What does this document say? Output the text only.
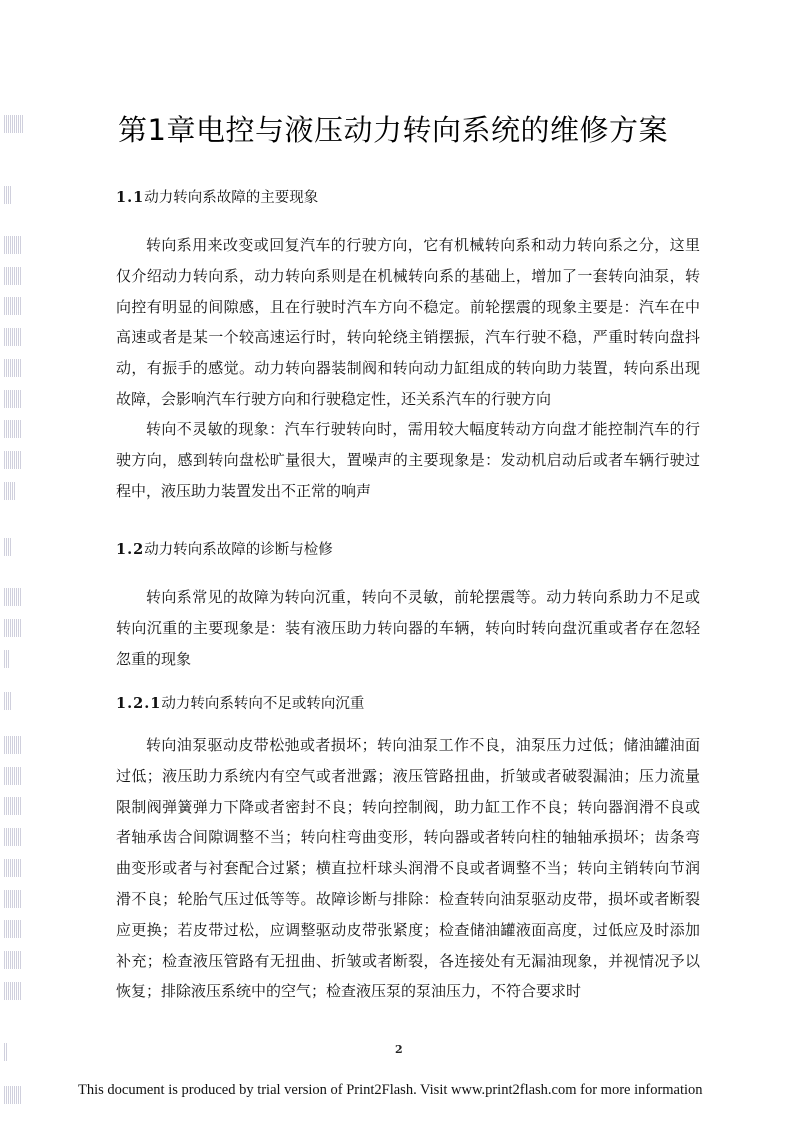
第1章电控与液压动力转向系统的维修方案
1.1动力转向系故障的主要现象

转向系用来改变或回复汽车的行驶方向，它有机械转向系和动力转向系之分，这里仅介绍动力转向系，动力转向系则是在机械转向系的基础上，增加了一套转向油泵，转向控有明显的间隙感，且在行驶时汽车方向不稳定。前轮摆震的现象主要是：汽车在中高速或者是某一个较高速运行时，转向轮绕主销摆振，汽车行驶不稳，严重时转向盘抖动，有振手的感觉。动力转向器装制阀和转向动力缸组成的转向助力装置，转向系出现故障，会影响汽车行驶方向和行驶稳定性，还关系汽车的行驶方向

转向不灵敏的现象：汽车行驶转向时，需用较大幅度转动方向盘才能控制汽车的行驶方向，感到转向盘松旷量很大，置噪声的主要现象是：发动机启动后或者车辆行驶过程中，液压助力装置发出不正常的响声

1.2动力转向系故障的诊断与检修

转向系常见的故障为转向沉重，转向不灵敏，前轮摆震等。动力转向系助力不足或转向沉重的主要现象是：装有液压助力转向器的车辆，转向时转向盘沉重或者存在忽轻忽重的现象

1.2.1动力转向系转向不足或转向沉重

转向油泵驱动皮带松弛或者损坏；转向油泵工作不良，油泵压力过低；储油罐油面过低；液压助力系统内有空气或者泄露；液压管路扭曲，折皱或者破裂漏油；压力流量限制阀弹簧弹力下降或者密封不良；转向控制阀，助力缸工作不良；转向器润滑不良或者轴承齿合间隙调整不当；转向柱弯曲变形，转向器或者转向柱的轴轴承损坏；齿条弯曲变形或者与衬套配合过紧；横直拉杆球头润滑不良或者调整不当；转向主销转向节润滑不良；轮胎气压过低等等。故障诊断与排除：检查转向油泵驱动皮带，损坏或者断裂应更换；若皮带过松，应调整驱动皮带张紧度；检查储油罐液面高度，过低应及时添加补充；检查液压管路有无扭曲、折皱或者断裂，各连接处有无漏油现象，并视情况予以恢复；排除液压系统中的空气；检查液压泵的泵油压力，不符合要求时

2
This document is produced by trial version of Print2Flash. Visit www.print2flash.com for more information
